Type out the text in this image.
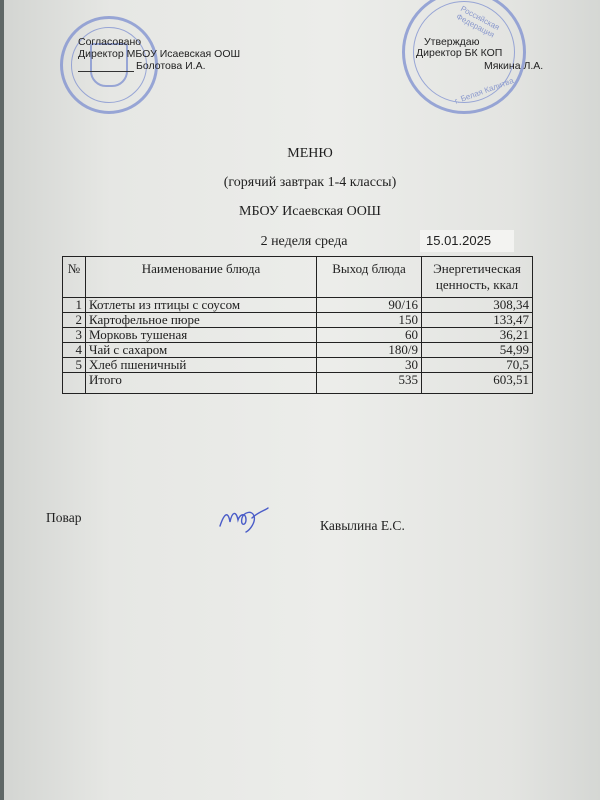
Российская Федерация
г. Белая Калитва
Согласовано
Директор МБОУ Исаевская ООШ
Болотова И.А.
Утверждаю
Директор БК КОП
Мякина Л.А.
МЕНЮ
(горячий завтрак 1-4 классы)
МБОУ Исаевская ООШ
2 неделя среда	15.01.2025
№	Наименование блюда	Выход блюда	Энергетическая ценность, ккал
1	Котлеты из птицы с соусом	90/16	308,34
2	Картофельное пюре	150	133,47
3	Морковь тушеная	60	36,21
4	Чай с сахаром	180/9	54,99
5	Хлеб пшеничный	30	70,5
	Итого	535	603,51
Повар
Кавылина Е.С.
